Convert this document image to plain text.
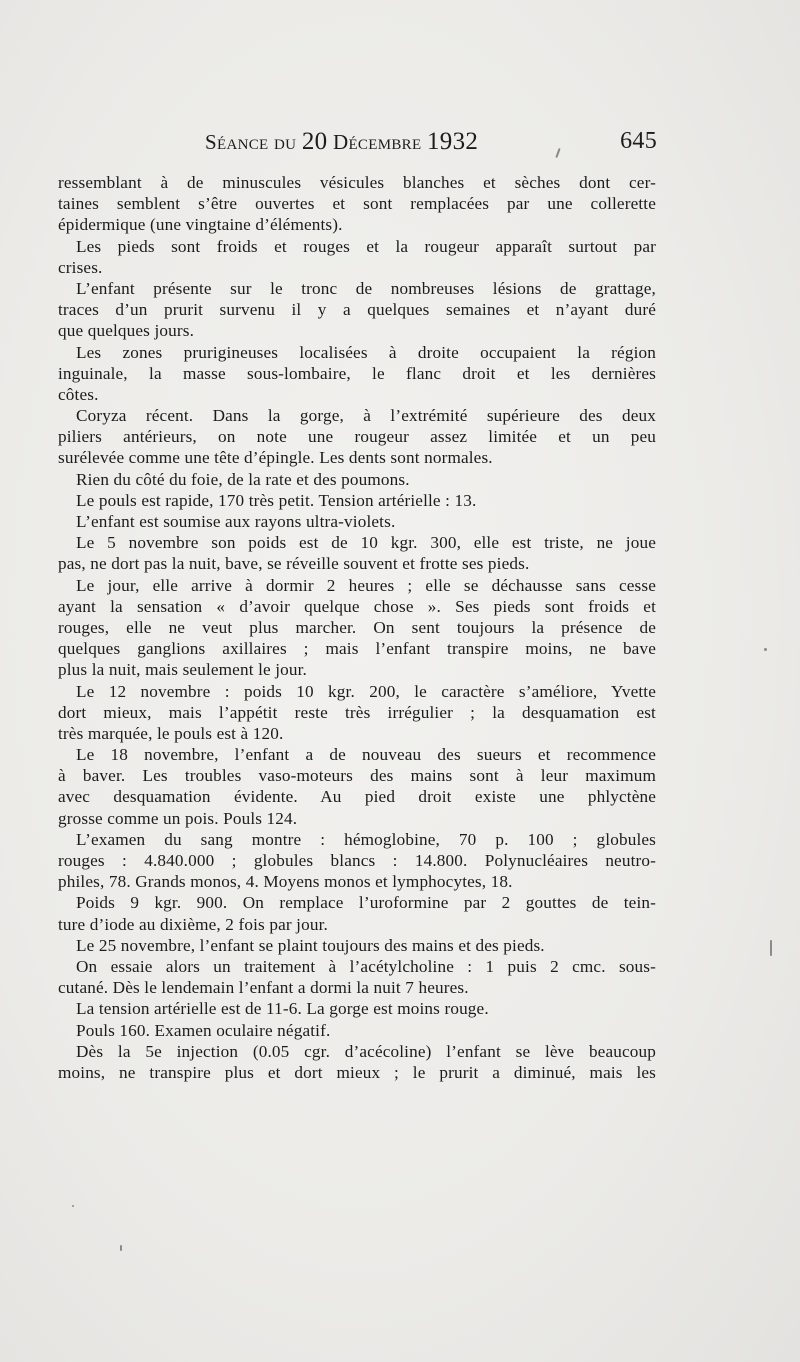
Séance du 20 Décembre 1932	645
ressemblant à de minuscules vésicules blanches et sèches dont cer-
taines semblent s’être ouvertes et sont remplacées par une collerette
épidermique (une vingtaine d’éléments).
Les pieds sont froids et rouges et la rougeur apparaît surtout par
crises.
L’enfant présente sur le tronc de nombreuses lésions de grattage,
traces d’un prurit survenu il y a quelques semaines et n’ayant duré
que quelques jours.
Les zones prurigineuses localisées à droite occupaient la région
inguinale, la masse sous-lombaire, le flanc droit et les dernières
côtes.
Coryza récent. Dans la gorge, à l’extrémité supérieure des deux
piliers antérieurs, on note une rougeur assez limitée et un peu
surélevée comme une tête d’épingle. Les dents sont normales.
Rien du côté du foie, de la rate et des poumons.
Le pouls est rapide, 170 très petit. Tension artérielle : 13.
L’enfant est soumise aux rayons ultra-violets.
Le 5 novembre son poids est de 10 kgr. 300, elle est triste, ne joue
pas, ne dort pas la nuit, bave, se réveille souvent et frotte ses pieds.
Le jour, elle arrive à dormir 2 heures ; elle se déchausse sans cesse
ayant la sensation « d’avoir quelque chose ». Ses pieds sont froids et
rouges, elle ne veut plus marcher. On sent toujours la présence de
quelques ganglions axillaires ; mais l’enfant transpire moins, ne bave
plus la nuit, mais seulement le jour.
Le 12 novembre : poids 10 kgr. 200, le caractère s’améliore, Yvette
dort mieux, mais l’appétit reste très irrégulier ; la desquamation est
très marquée, le pouls est à 120.
Le 18 novembre, l’enfant a de nouveau des sueurs et recommence
à baver. Les troubles vaso-moteurs des mains sont à leur maximum
avec desquamation évidente. Au pied droit existe une phlyctène
grosse comme un pois. Pouls 124.
L’examen du sang montre : hémoglobine, 70 p. 100 ; globules
rouges : 4.840.000 ; globules blancs : 14.800. Polynucléaires neutro-
philes, 78. Grands monos, 4. Moyens monos et lymphocytes, 18.
Poids 9 kgr. 900. On remplace l’uroformine par 2 gouttes de tein-
ture d’iode au dixième, 2 fois par jour.
Le 25 novembre, l’enfant se plaint toujours des mains et des pieds.
On essaie alors un traitement à l’acétylcholine : 1 puis 2 cmc. sous-
cutané. Dès le lendemain l’enfant a dormi la nuit 7 heures.
La tension artérielle est de 11-6. La gorge est moins rouge.
Pouls 160. Examen oculaire négatif.
Dès la 5e injection (0.05 cgr. d’acécoline) l’enfant se lève beaucoup
moins, ne transpire plus et dort mieux ; le prurit a diminué, mais les
